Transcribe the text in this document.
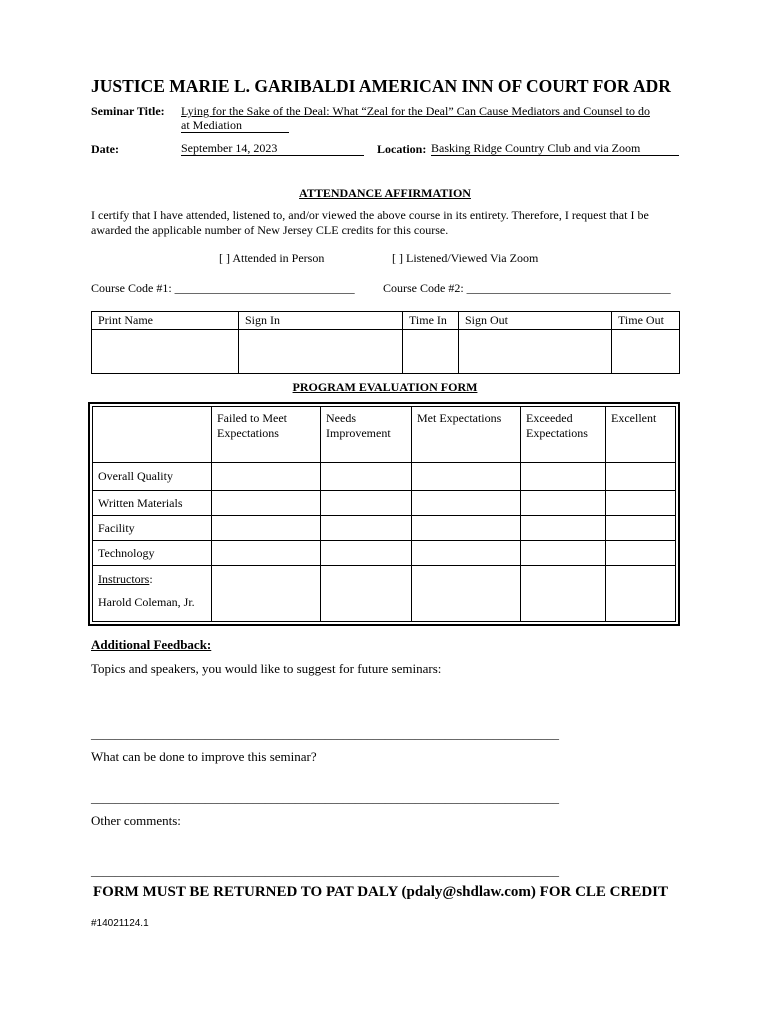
JUSTICE MARIE L. GARIBALDI AMERICAN INN OF COURT FOR ADR
Seminar Title: Lying for the Sake of the Deal: What “Zeal for the Deal” Can Cause Mediators and Counsel to do
at Mediation
Date:	September 14, 2023	Location: Basking Ridge Country Club and via Zoom
ATTENDANCE AFFIRMATION
I certify that I have attended, listened to, and/or viewed the above course in its entirety. Therefore, I request that I be awarded the applicable number of New Jersey CLE credits for this course.
[ ] Attended in Person	[ ] Listened/Viewed Via Zoom
Course Code #1: ______________________________ Course Code #2: __________________________________
Print Name	Sign In	Time In	Sign Out	Time Out

PROGRAM EVALUATION FORM

	Failed to Meet Expectations	Needs Improvement	Met Expectations	Exceeded Expectations	Excellent
Overall Quality					
Written Materials					
Facility					
Technology					

Instructors:
Harold Coleman, Jr.					

Additional Feedback:
Topics and speakers, you would like to suggest for future seminars:
______________________________________________________________________________
What can be done to improve this seminar?
______________________________________________________________________________
Other comments:
______________________________________________________________________________
FORM MUST BE RETURNED TO PAT DALY (pdaly@shdlaw.com) FOR CLE CREDIT
#14021124.1
